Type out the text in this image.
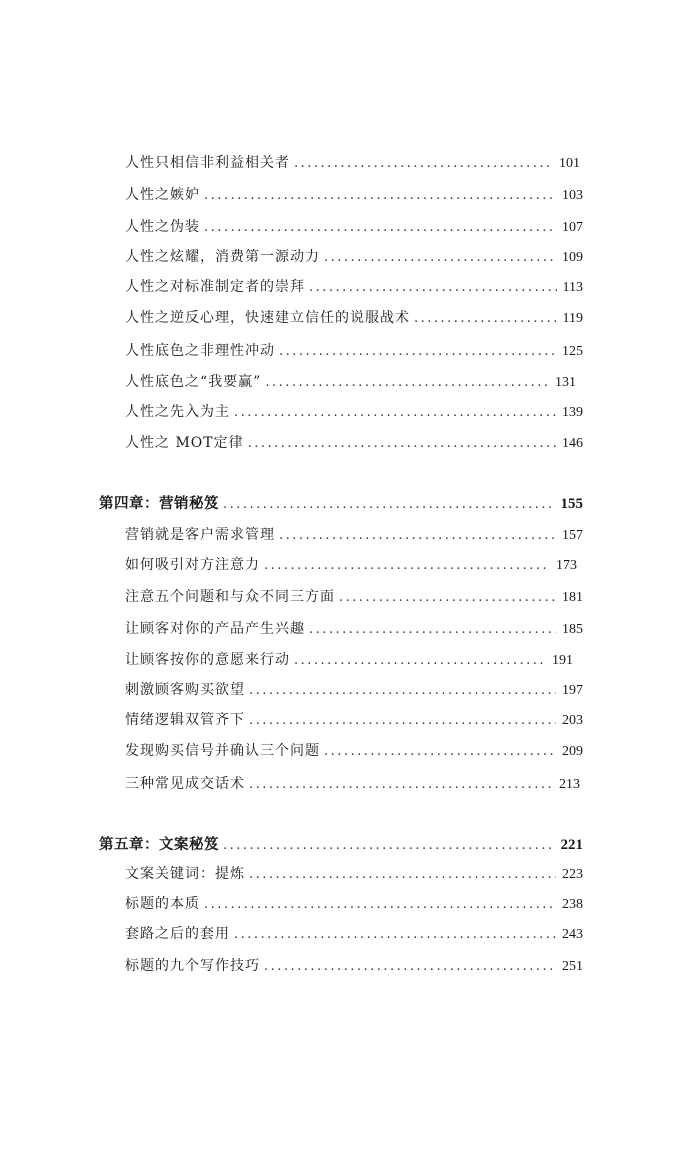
人性只相信非利益相关者 .....	101
人性之嫉妒 .....	103
人性之伪装 .....	107
人性之炫耀，消费第一源动力 .....	109
人性之对标准制定者的崇拜 .....	113
人性之逆反心理，快速建立信任的说服战术 .....	119
人性底色之非理性冲动 .....	125
人性底色之“我要赢” .....	131
人性之先入为主 .....	139
人性之 MOT定律 .....	146
第四章：营销秘笈 .....	155
营销就是客户需求管理 .....	157
如何吸引对方注意力 .....	173
注意五个问题和与众不同三方面 .....	181
让顾客对你的产品产生兴趣 .....	185
让顾客按你的意愿来行动 .....	191
刺激顾客购买欲望 .....	197
情绪逻辑双管齐下 .....	203
发现购买信号并确认三个问题 .....	209
三种常见成交话术 .....	213
第五章：文案秘笈 .....	221
文案关键词：提炼 .....	223
标题的本质 .....	238
套路之后的套用 .....	243
标题的九个写作技巧 .....	251
